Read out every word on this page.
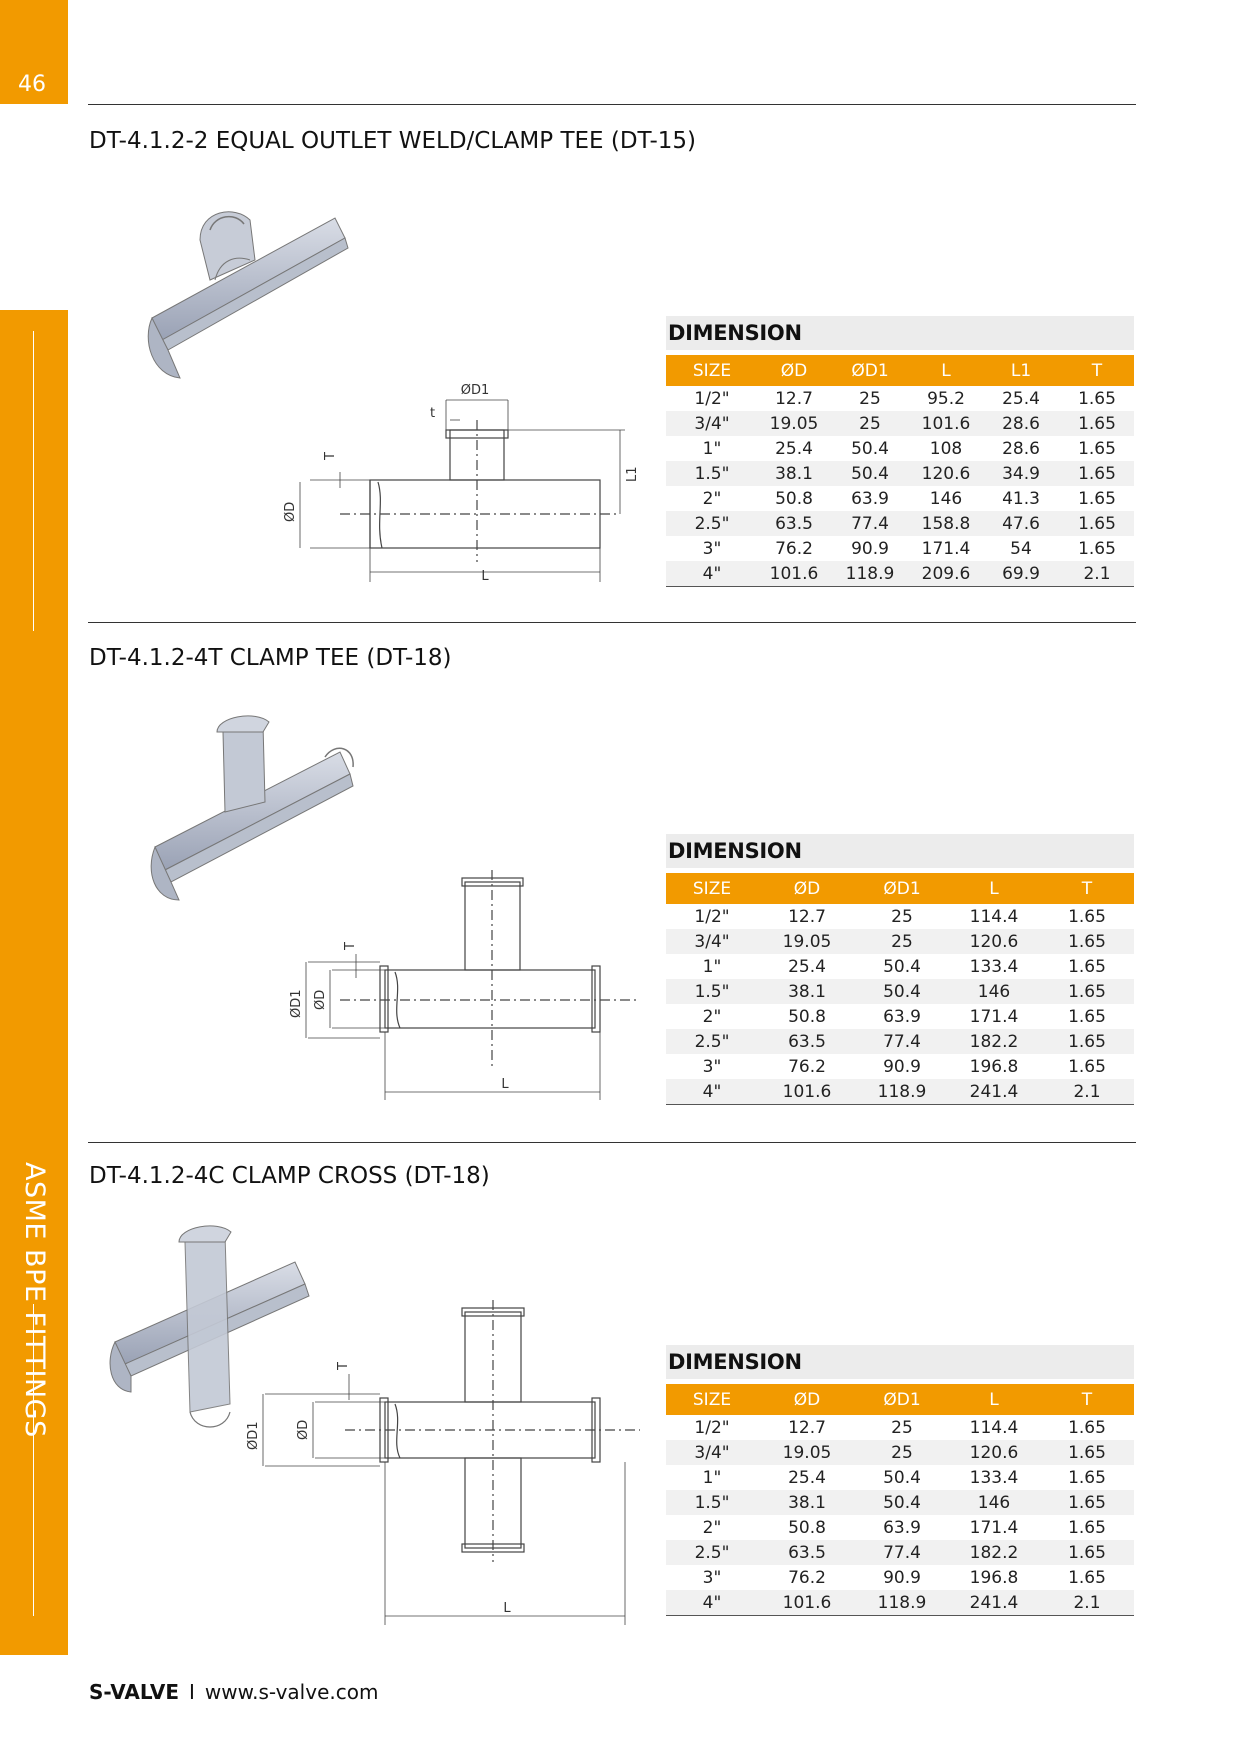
46
ASME BPE FITTINGS
DT-4.1.2-2 EQUAL OUTLET WELD/CLAMP TEE (DT-15)
DT-4.1.2-4T CLAMP TEE (DT-18)
DT-4.1.2-4C CLAMP CROSS (DT-18)
ØD1
t
T
ØD
L
L1
DIMENSION
SIZE	ØD	ØD1	L	L1	T
1/2"	12.7	25	95.2	25.4	1.65
3/4"	19.05	25	101.6	28.6	1.65
1"	25.4	50.4	108	28.6	1.65
1.5"	38.1	50.4	120.6	34.9	1.65
2"	50.8	63.9	146	41.3	1.65
2.5"	63.5	77.4	158.8	47.6	1.65
3"	76.2	90.9	171.4	54	1.65
4"	101.6	118.9	209.6	69.9	2.1
T
ØD1 ØD
L
DIMENSION
SIZE	ØD	ØD1	L	T
1/2"	12.7	25	114.4	1.65
3/4"	19.05	25	120.6	1.65
1"	25.4	50.4	133.4	1.65
1.5"	38.1	50.4	146	1.65
2"	50.8	63.9	171.4	1.65
2.5"	63.5	77.4	182.2	1.65
3"	76.2	90.9	196.8	1.65
4"	101.6	118.9	241.4	2.1
T
ØD1	ØD
L
DIMENSION
SIZE	ØD	ØD1	L	T
1/2"	12.7	25	114.4	1.65
3/4"	19.05	25	120.6	1.65
1"	25.4	50.4	133.4	1.65
1.5"	38.1	50.4	146	1.65
2"	50.8	63.9	171.4	1.65
2.5"	63.5	77.4	182.2	1.65
3"	76.2	90.9	196.8	1.65
4"	101.6	118.9	241.4	2.1
S-VALVE I www.s-valve.com
